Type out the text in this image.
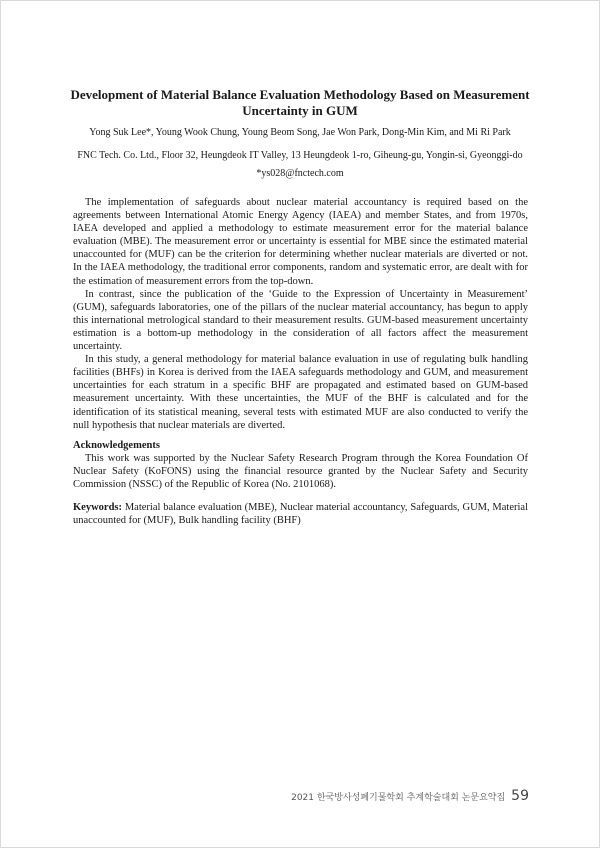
Development of Material Balance Evaluation Methodology Based on Measurement Uncertainty in GUM
Yong Suk Lee*, Young Wook Chung, Young Beom Song, Jae Won Park, Dong-Min Kim, and Mi Ri Park
FNC Tech. Co. Ltd., Floor 32, Heungdeok IT Valley, 13 Heungdeok 1-ro, Giheung-gu, Yongin-si, Gyeonggi-do
*ys028@fnctech.com

The implementation of safeguards about nuclear material accountancy is required based on the agreements between International Atomic Energy Agency (IAEA) and member States, and from 1970s, IAEA developed and applied a methodology to estimate measurement error for the material balance evaluation (MBE). The measurement error or uncertainty is essential for MBE since the estimated material unaccounted for (MUF) can be the criterion for determining whether nuclear materials are diverted or not. In the IAEA methodology, the traditional error components, random and systematic error, are dealt with for the estimation of measurement errors from the top-down.

In contrast, since the publication of the ‘Guide to the Expression of Uncertainty in Measurement’ (GUM), safeguards laboratories, one of the pillars of the nuclear material accountancy, has begun to apply this international metrological standard to their measurement results. GUM-based measurement uncertainty estimation is a bottom-up methodology in the consideration of all factors affect the measurement uncertainty.

In this study, a general methodology for material balance evaluation in use of regulating bulk handling facilities (BHFs) in Korea is derived from the IAEA safeguards methodology and GUM, and measurement uncertainties for each stratum in a specific BHF are propagated and estimated based on GUM-based measurement uncertainty. With these uncertainties, the MUF of the BHF is calculated and for the identification of its statistical meaning, several tests with estimated MUF are also conducted to verify the null hypothesis that nuclear materials are diverted.

Acknowledgements

This work was supported by the Nuclear Safety Research Program through the Korea Foundation Of Nuclear Safety (KoFONS) using the financial resource granted by the Nuclear Safety and Security Commission (NSSC) of the Republic of Korea (No. 2101068).

Keywords: Material balance evaluation (MBE), Nuclear material accountancy, Safeguards, GUM, Material unaccounted for (MUF), Bulk handling facility (BHF)
2021 한국방사성폐기물학회 추계학술대회 논문요약집 59
